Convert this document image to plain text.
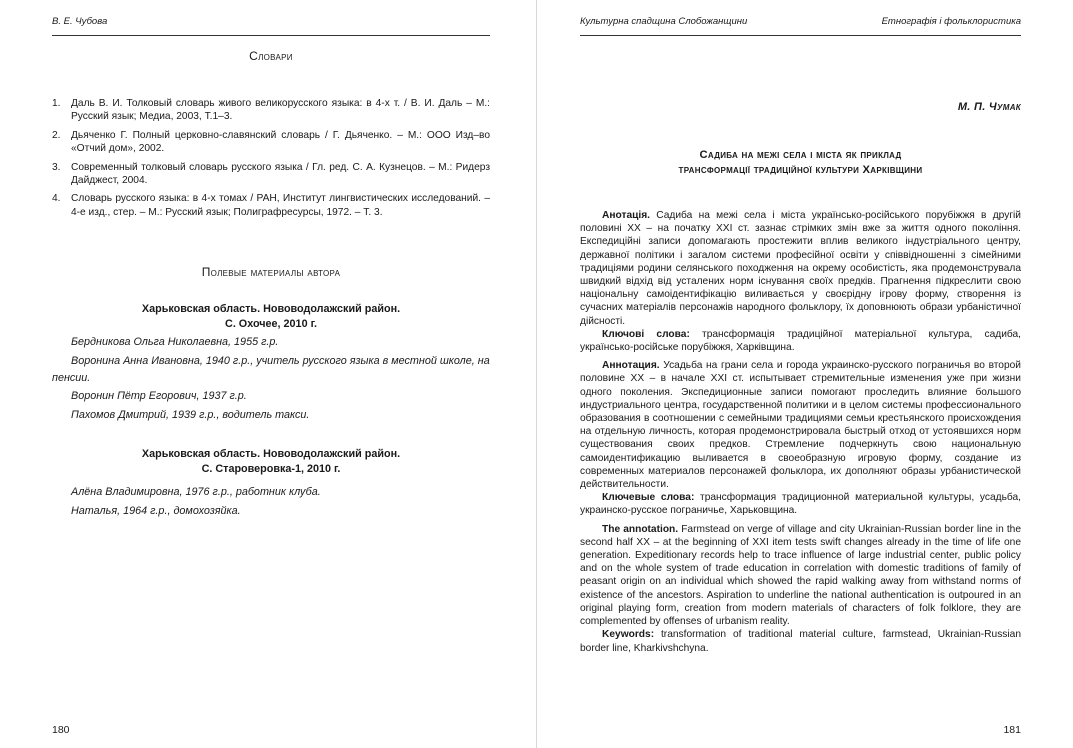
В. Е. Чубова
Словари
1. Даль В. И. Толковый словарь живого великорусского языка: в 4-х т. / В. И. Даль – М.: Русский язык; Медиа, 2003, Т.1–3.
2. Дьяченко Г. Полный церковно-славянский словарь / Г. Дьяченко. – М.: ООО Изд–во «Отчий дом», 2002.
3. Современный толковый словарь русского языка / Гл. ред. С. А. Кузнецов. – М.: Ридерз Дайджест, 2004.
4. Словарь русского языка: в 4-х томах / РАН, Институт лингвистических исследований. – 4-е изд., стер. – М.: Русский язык; Полиграфресурсы, 1972. – Т. 3.
Полевые материалы автора
Харьковская область. Нововодолажский район.
С. Охочее, 2010 г.
Бердникова Ольга Николаевна, 1955 г.р.
Воронина Анна Ивановна, 1940 г.р., учитель русского языка в местной школе, на пенсии.
Воронин Пётр Егорович, 1937 г.р.
Пахомов Дмитрий, 1939 г.р., водитель такси.
Харьковская область. Нововодолажский район.
С. Староверовка-1, 2010 г.
Алёна Владимировна, 1976 г.р., работник клуба.
Наталья, 1964 г.р., домохозяйка.
180
Культурна спадщина Слобожанщини	Етнографія і фольклористика
М. П. Чумак
Садиба на межі села і міста як приклад
трансформації традиційної культури Харківщини

Анотація. Садиба на межі села і міста українсько-російського порубіжжя в другій половині ХХ – на початку ХХІ ст. зазнає стрімких змін вже за життя одного покоління. Експедиційні записи допомагають простежити вплив великого індустріального центру, державної політики і загалом системи професійної освіти у співвідношенні з сімейними традиціями родини селянського походження на окрему особистість, яка продемонструвала швидкий відхід від усталених норм існування своїх предків. Прагнення підкреслити свою національну самоідентифікацію виливається у своєрідну ігрову форму, створення із сучасних матеріалів персонажів народного фольклору, їх доповнюють образи урбаністичної дійсності.

Ключові слова: трансформація традиційної матеріальної культура, садиба, українсько-російське порубіжжя, Харківщина.

Аннотация. Усадьба на грани села и города украинско-русского пограничья во второй половине ХХ – в начале ХХІ ст. испытывает стремительные изменения уже при жизни одного поколения. Экспедиционные записи помогают проследить влияние большого индустриального центра, государственной политики и в целом системы профессионального образования в соотношении с семейными традициями семьи крестьянского происхождения на отдельную личность, которая продемонстрировала быстрый отход от устоявшихся норм существования своих предков. Стремление подчеркнуть свою национальную самоидентификацию выливается в своеобразную игровую форму, создание из современных материалов персонажей фольклора, их дополняют образы урбанистической действительности.

Ключевые слова: трансформация традиционной материальной культуры, усадьба, украинско-русское пограничье, Харьковщина.

The annotation. Farmstead on verge of village and city Ukrainian-Russian border line in the second half XX – at the beginning of XXI item tests swift changes already in the time of life one generation. Expeditionary records help to trace influence of large industrial center, public policy and on the whole system of trade education in correlation with domestic traditions of family of peasant origin on an individual which showed the rapid walking away from withstand norms of existence of the ancestors. Aspiration to underline the national authentication is outpoured in an original playing form, creation from modern materials of characters of folk folklore, they are complemented by offenses of urbanism reality.

Keywords: transformation of traditional material culture, farmstead, Ukrainian-Russian border line, Kharkivshchyna.

181
